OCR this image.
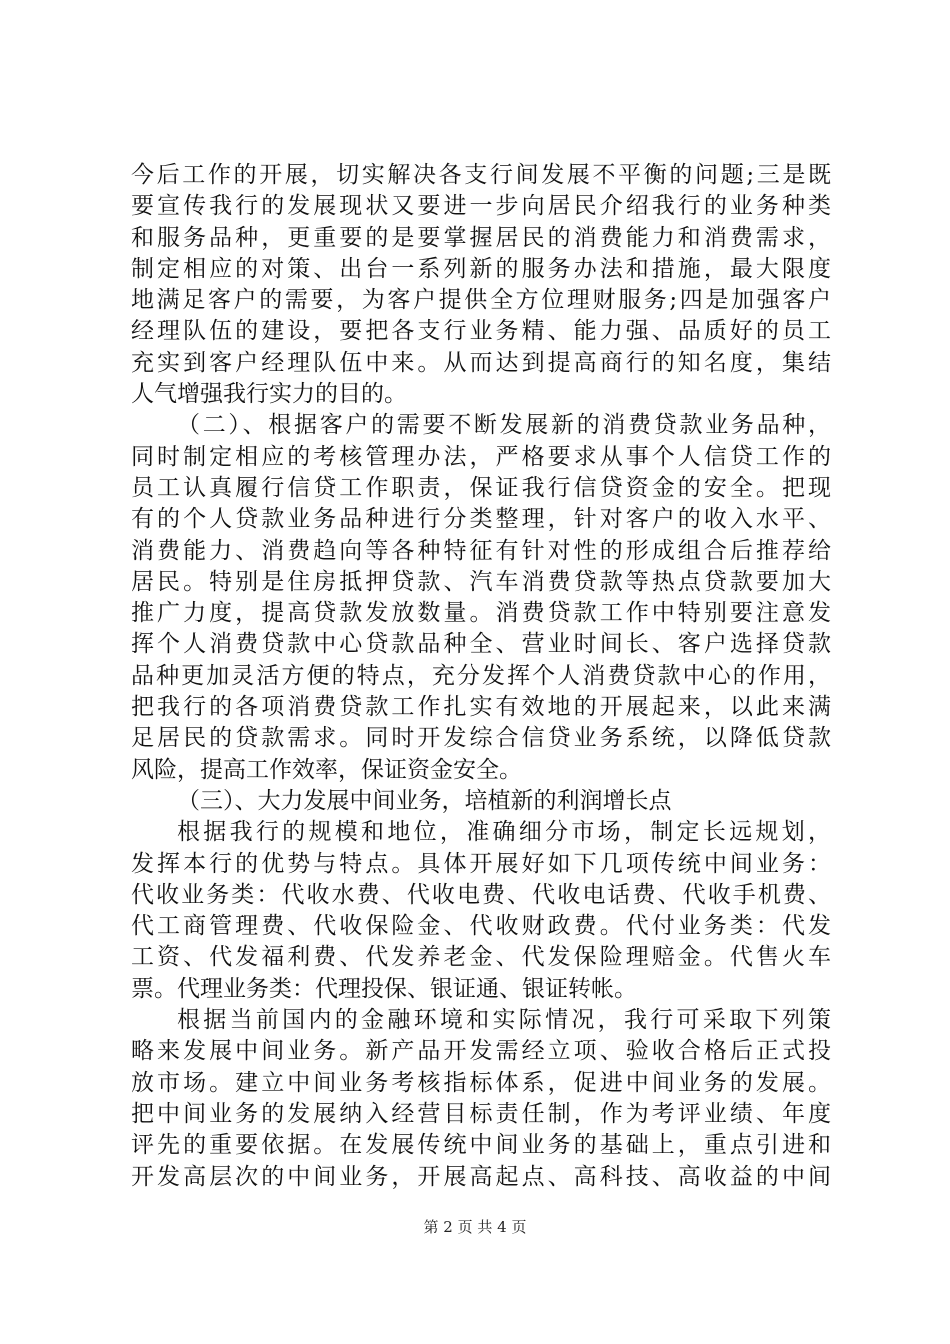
今后工作的开展，切实解决各支行间发展不平衡的问题;三是既
要宣传我行的发展现状又要进一步向居民介绍我行的业务种类
和服务品种，更重要的是要掌握居民的消费能力和消费需求，
制定相应的对策、出台一系列新的服务办法和措施，最大限度
地满足客户的需要，为客户提供全方位理财服务;四是加强客户
经理队伍的建设，要把各支行业务精、能力强、品质好的员工
充实到客户经理队伍中来。从而达到提高商行的知名度，集结
人气增强我行实力的目的。
（二）、根据客户的需要不断发展新的消费贷款业务品种，
同时制定相应的考核管理办法，严格要求从事个人信贷工作的
员工认真履行信贷工作职责，保证我行信贷资金的安全。把现
有的个人贷款业务品种进行分类整理，针对客户的收入水平、
消费能力、消费趋向等各种特征有针对性的形成组合后推荐给
居民。特别是住房抵押贷款、汽车消费贷款等热点贷款要加大
推广力度，提高贷款发放数量。消费贷款工作中特别要注意发
挥个人消费贷款中心贷款品种全、营业时间长、客户选择贷款
品种更加灵活方便的特点，充分发挥个人消费贷款中心的作用，
把我行的各项消费贷款工作扎实有效地的开展起来，以此来满
足居民的贷款需求。同时开发综合信贷业务系统，以降低贷款
风险，提高工作效率，保证资金安全。
（三）、大力发展中间业务，培植新的利润增长点
根据我行的规模和地位，准确细分市场，制定长远规划，
发挥本行的优势与特点。具体开展好如下几项传统中间业务：
代收业务类：代收水费、代收电费、代收电话费、代收手机费、
代工商管理费、代收保险金、代收财政费。代付业务类：代发
工资、代发福利费、代发养老金、代发保险理赔金。代售火车
票。代理业务类：代理投保、银证通、银证转帐。
根据当前国内的金融环境和实际情况，我行可采取下列策
略来发展中间业务。新产品开发需经立项、验收合格后正式投
放市场。建立中间业务考核指标体系，促进中间业务的发展。
把中间业务的发展纳入经营目标责任制，作为考评业绩、年度
评先的重要依据。在发展传统中间业务的基础上，重点引进和
开发高层次的中间业务，开展高起点、高科技、高收益的中间
第 2 页 共 4 页
